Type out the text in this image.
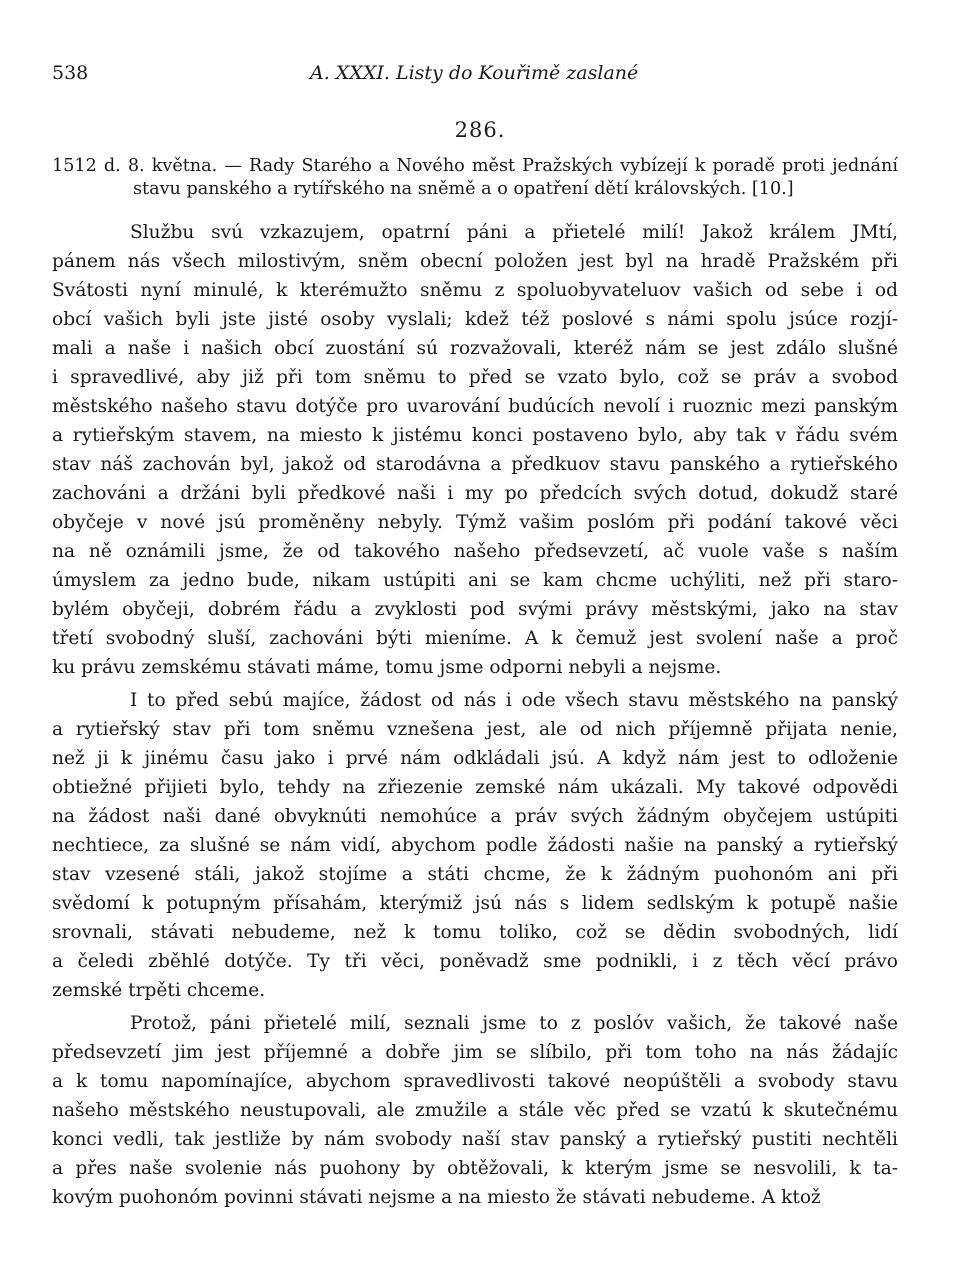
538	A. XXXI. Listy do Kouřimě zaslané
286.
1512 d. 8. května. — Rady Starého a Nového měst Pražských vybízejí k poradě proti jednání
stavu panského a rytířského na sněmě a o opatření dětí královských. [10.]
Službu svú vzkazujem, opatrní páni a přietelé milí! Jakož králem JMtí,
pánem nás všech milostivým, sněm obecní položen jest byl na hradě Pražském při
Svátosti nyní minulé, k kterémužto sněmu z spoluobyvateluov vašich od sebe i od
obcí vašich byli jste jisté osoby vyslali; kdež též poslové s námi spolu jsúce rozjí-
mali a naše i našich obcí zuostání sú rozvažovali, kteréž nám se jest zdálo slušné
i spravedlivé, aby již při tom sněmu to před se vzato bylo, což se práv a svobod
městského našeho stavu dotýče pro uvarování budúcích nevolí i ruoznic mezi panským
a rytieřským stavem, na miesto k jistému konci postaveno bylo, aby tak v řádu svém
stav náš zachován byl, jakož od starodávna a předkuov stavu panského a rytieřského
zachováni a držáni byli předkové naši i my po předcích svých dotud, dokudž staré
obyčeje v nové jsú proměněny nebyly. Týmž vašim poslóm při podání takové věci
na ně oznámili jsme, že od takového našeho předsevzetí, ač vuole vaše s naším
úmyslem za jedno bude, nikam ustúpiti ani se kam chcme uchýliti, než při staro-
bylém obyčeji, dobrém řádu a zvyklosti pod svými právy městskými, jako na stav
třetí svobodný sluší, zachováni býti mieníme. A k čemuž jest svolení naše a proč
ku právu zemskému stávati máme, tomu jsme odporni nebyli a nejsme.
I to před sebú majíce, žádost od nás i ode všech stavu městského na panský
a rytieřský stav při tom sněmu vznešena jest, ale od nich příjemně přijata nenie,
než ji k jinému času jako i prvé nám odkládali jsú. A když nám jest to odloženie
obtiežné přijieti bylo, tehdy na zřiezenie zemské nám ukázali. My takové odpovědi
na žádost naši dané obvyknúti nemohúce a práv svých žádným obyčejem ustúpiti
nechtiece, za slušné se nám vidí, abychom podle žádosti našie na panský a rytieřský
stav vzesené stáli, jakož stojíme a státi chcme, že k žádným puohonóm ani při
svědomí k potupným přísahám, kterýmiž jsú nás s lidem sedlským k potupě našie
srovnali, stávati nebudeme, než k tomu toliko, což se dědin svobodných, lidí
a čeledi zběhlé dotýče. Ty tři věci, poněvadž sme podnikli, i z těch věcí právo
zemské trpěti chceme.
Protož, páni přietelé milí, seznali jsme to z poslóv vašich, že takové naše
předsevzetí jim jest příjemné a dobře jim se slíbilo, při tom toho na nás žádajíc
a k tomu napomínajíce, abychom spravedlivosti takové neopúštěli a svobody stavu
našeho městského neustupovali, ale zmužile a stále věc před se vzatú k skutečnému
konci vedli, tak jestliže by nám svobody naší stav panský a rytieřský pustiti nechtěli
a přes naše svolenie nás puohony by obtěžovali, k kterým jsme se nesvolili, k ta-
kovým puohonóm povinni stávati nejsme a na miesto že stávati nebudeme. A ktož
